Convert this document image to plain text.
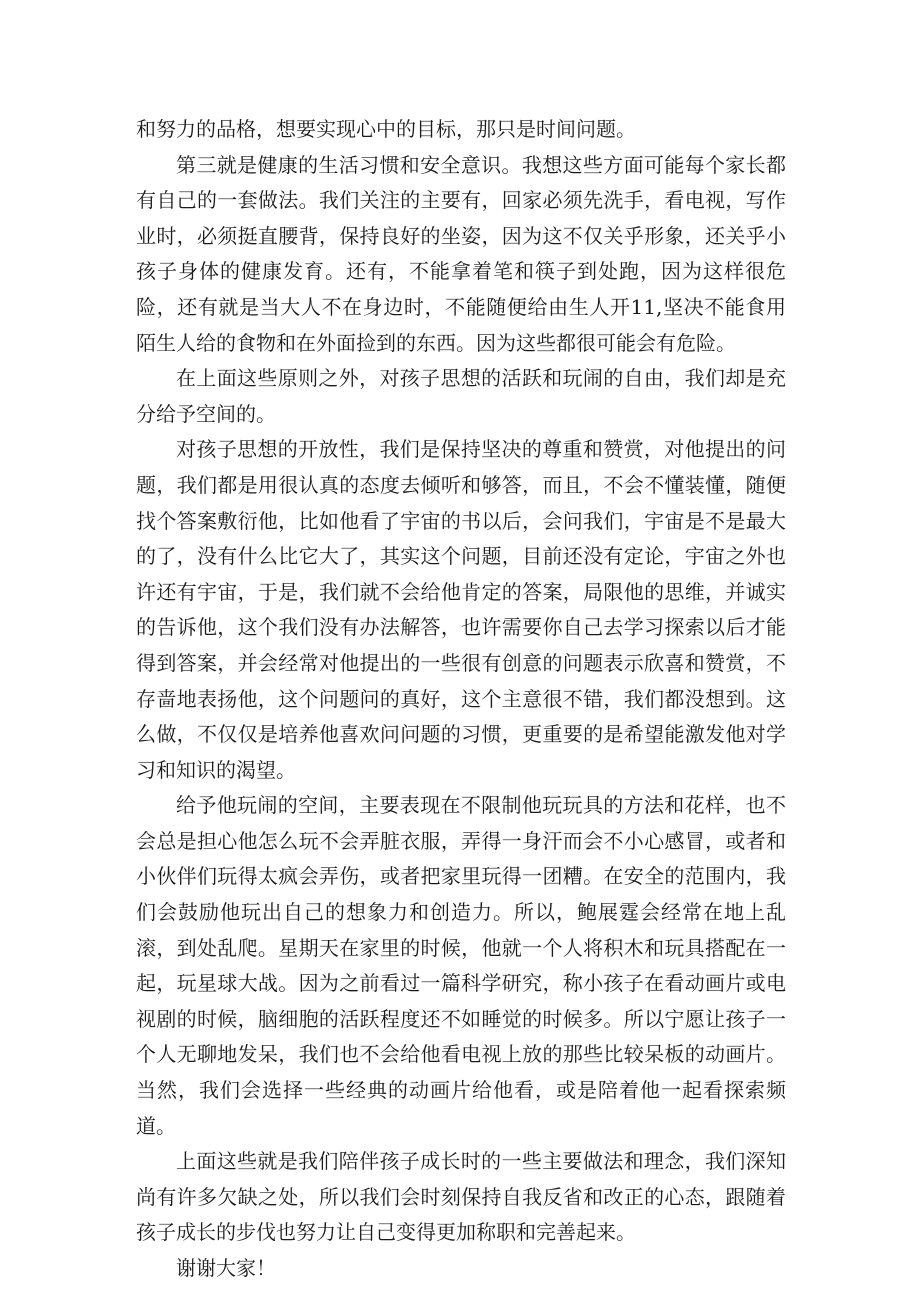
和努力的品格，想要实现心中的目标，那只是时间问题。

第三就是健康的生活习惯和安全意识。我想这些方面可能每个家长都有自己的一套做法。我们关注的主要有，回家必须先洗手，看电视，写作业时，必须挺直腰背，保持良好的坐姿，因为这不仅关乎形象，还关乎小孩子身体的健康发育。还有，不能拿着笔和筷子到处跑，因为这样很危险，还有就是当大人不在身边时，不能随便给由生人开11,坚决不能食用陌生人给的食物和在外面捡到的东西。因为这些都很可能会有危险。

在上面这些原则之外，对孩子思想的活跃和玩闹的自由，我们却是充分给予空间的。

对孩子思想的开放性，我们是保持坚决的尊重和赞赏，对他提出的问题，我们都是用很认真的态度去倾听和够答，而且，不会不懂装懂，随便找个答案敷衍他，比如他看了宇宙的书以后，会问我们，宇宙是不是最大的了，没有什么比它大了，其实这个问题，目前还没有定论，宇宙之外也许还有宇宙，于是，我们就不会给他肯定的答案，局限他的思维，并诚实的告诉他，这个我们没有办法解答，也许需要你自己去学习探索以后才能得到答案，并会经常对他提出的一些很有创意的问题表示欣喜和赞赏，不存啬地表扬他，这个问题问的真好，这个主意很不错，我们都没想到。这么做，不仅仅是培养他喜欢问问题的习惯，更重要的是希望能激发他对学习和知识的渴望。

给予他玩闹的空间，主要表现在不限制他玩玩具的方法和花样，也不会总是担心他怎么玩不会弄脏衣服，弄得一身汗而会不小心感冒，或者和小伙伴们玩得太疯会弄伤，或者把家里玩得一团糟。在安全的范围内，我们会鼓励他玩出自己的想象力和创造力。所以，鲍展霆会经常在地上乱滚，到处乱爬。星期天在家里的时候，他就一个人将积木和玩具搭配在一起，玩星球大战。因为之前看过一篇科学研究，称小孩子在看动画片或电视剧的时候，脑细胞的活跃程度还不如睡觉的时候多。所以宁愿让孩子一个人无聊地发呆，我们也不会给他看电视上放的那些比较呆板的动画片。当然，我们会选择一些经典的动画片给他看，或是陪着他一起看探索频道。

上面这些就是我们陪伴孩子成长时的一些主要做法和理念，我们深知尚有许多欠缺之处，所以我们会时刻保持自我反省和改正的心态，跟随着孩子成长的步伐也努力让自己变得更加称职和完善起来。

谢谢大家！
